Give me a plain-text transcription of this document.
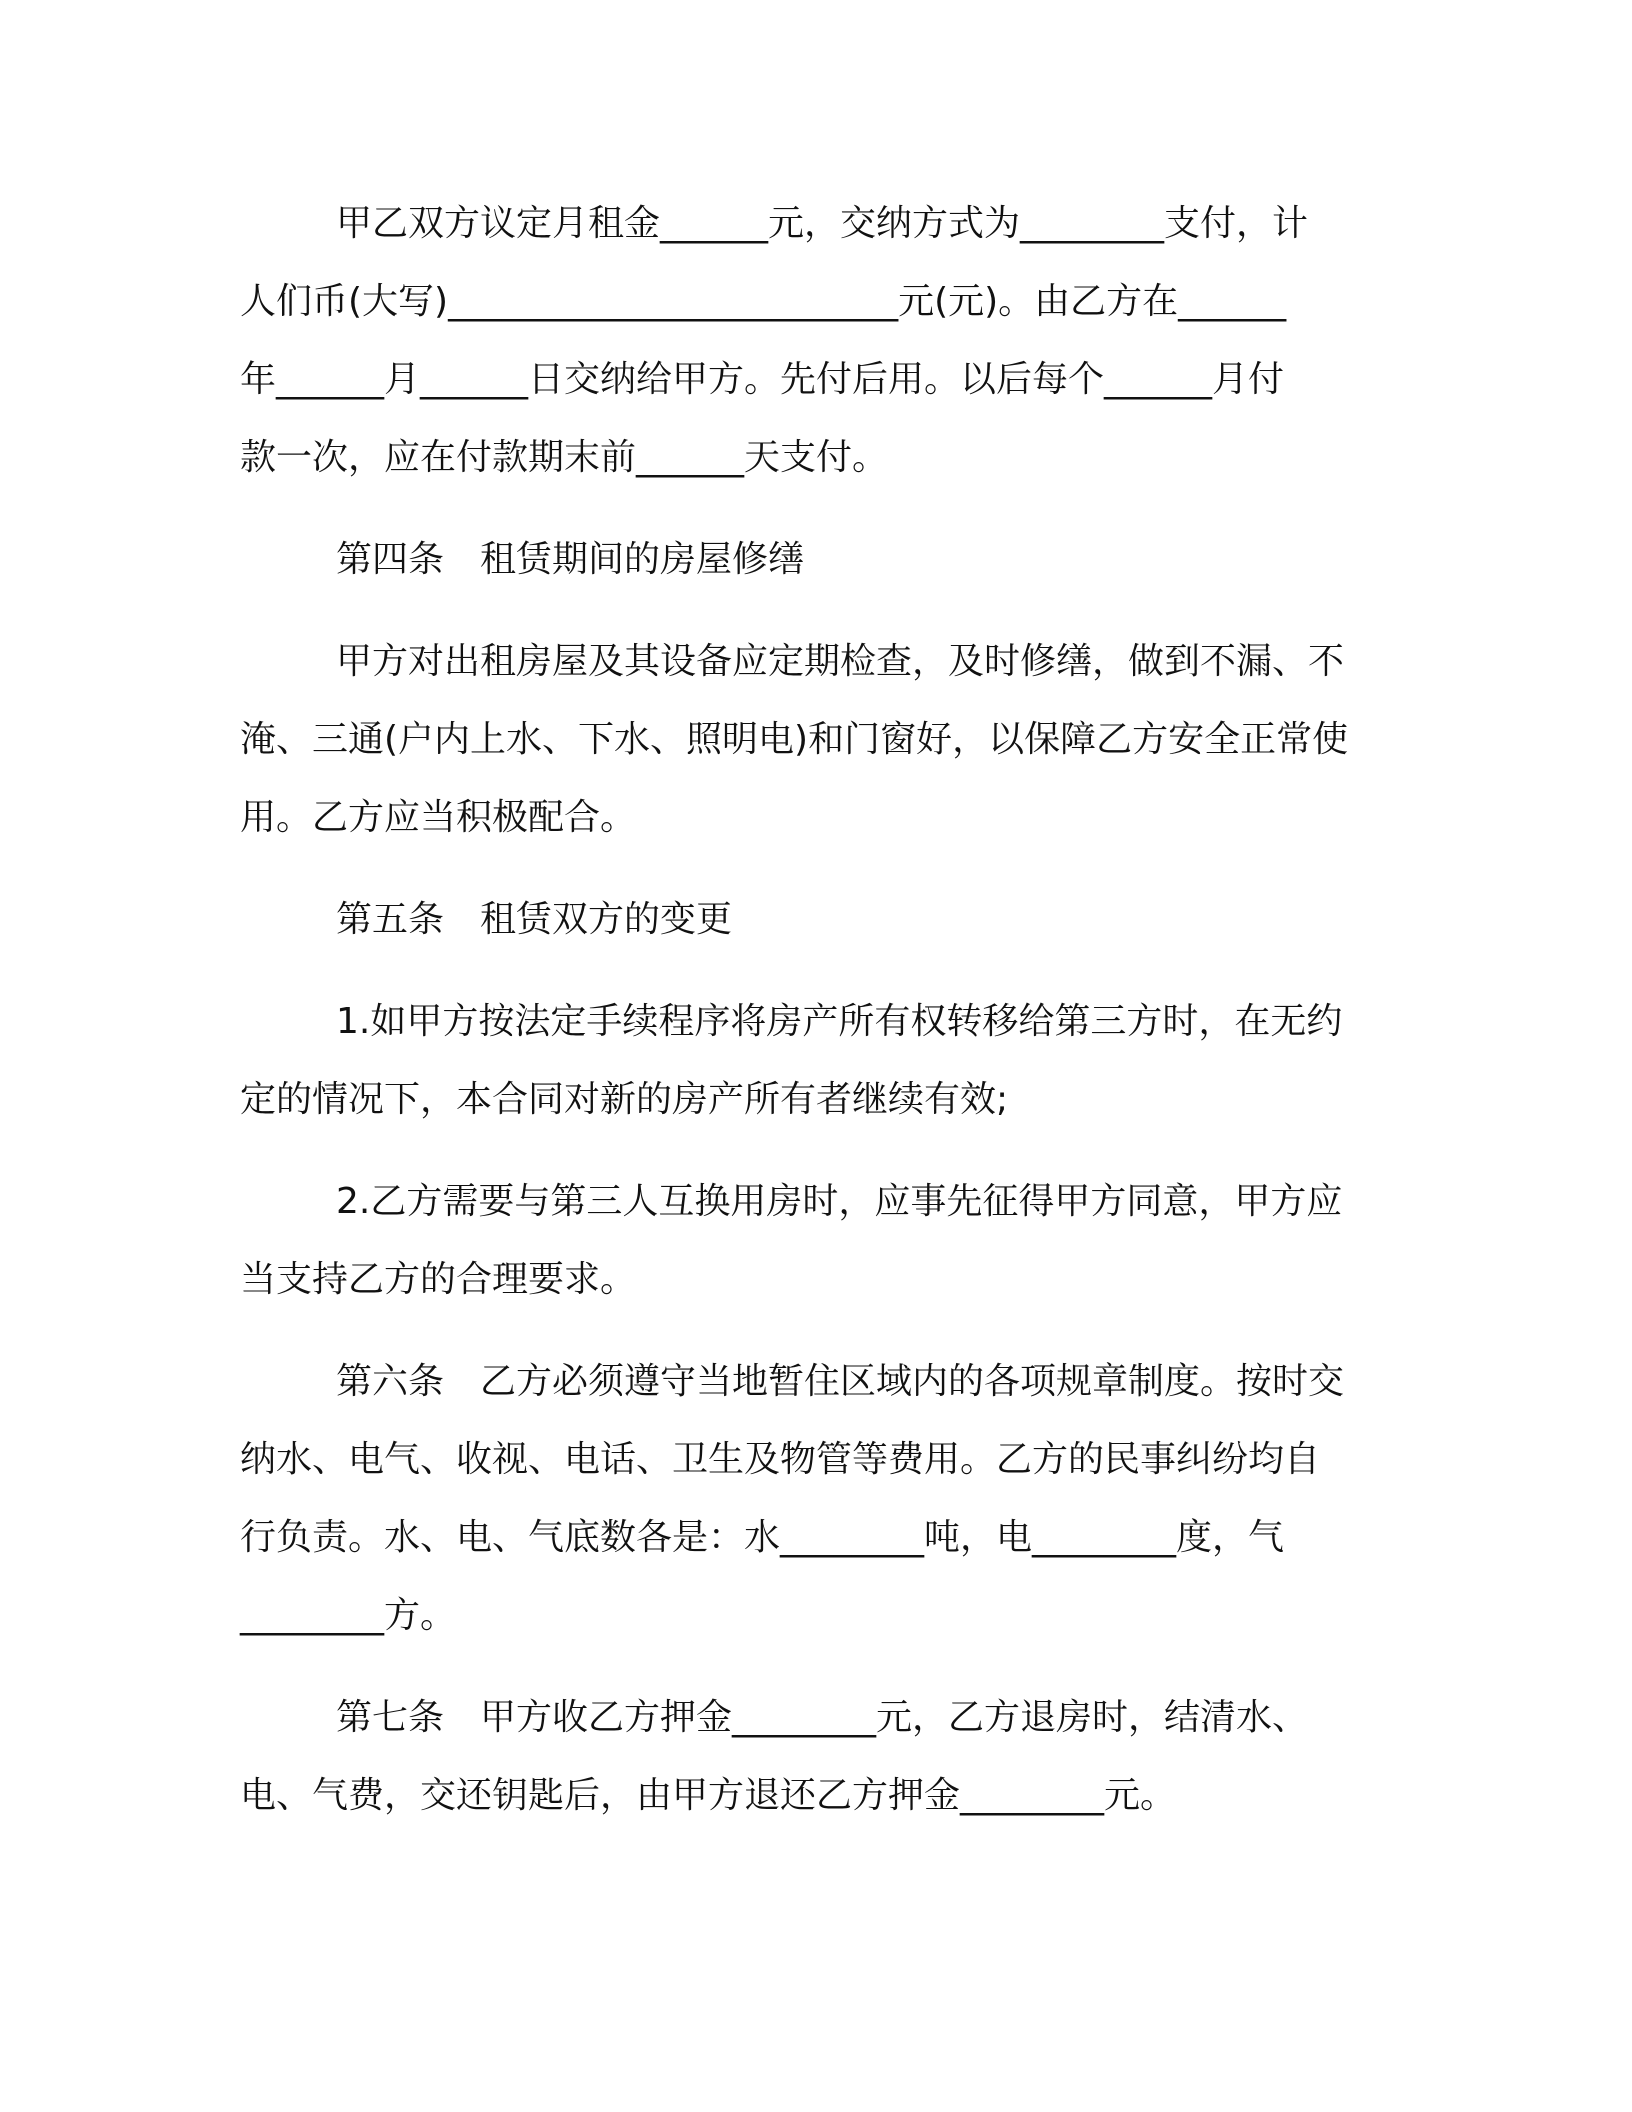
甲乙双方议定月租金______元，交纳方式为________支付，计
人们币(大写)_________________________元(元)。由乙方在______
年______月______日交纳给甲方。先付后用。以后每个______月付
款一次，应在付款期末前______天支付。
第四条　租赁期间的房屋修缮
甲方对出租房屋及其设备应定期检查，及时修缮，做到不漏、不
淹、三通(户内上水、下水、照明电)和门窗好，以保障乙方安全正常使
用。乙方应当积极配合。
第五条　租赁双方的变更
1.如甲方按法定手续程序将房产所有权转移给第三方时，在无约
定的情况下，本合同对新的房产所有者继续有效;
2.乙方需要与第三人互换用房时，应事先征得甲方同意，甲方应
当支持乙方的合理要求。
第六条　乙方必须遵守当地暂住区域内的各项规章制度。按时交
纳水、电气、收视、电话、卫生及物管等费用。乙方的民事纠纷均自
行负责。水、电、气底数各是：水________吨，电________度，气
________方。
第七条　甲方收乙方押金________元，乙方退房时，结清水、
电、气费，交还钥匙后，由甲方退还乙方押金________元。
